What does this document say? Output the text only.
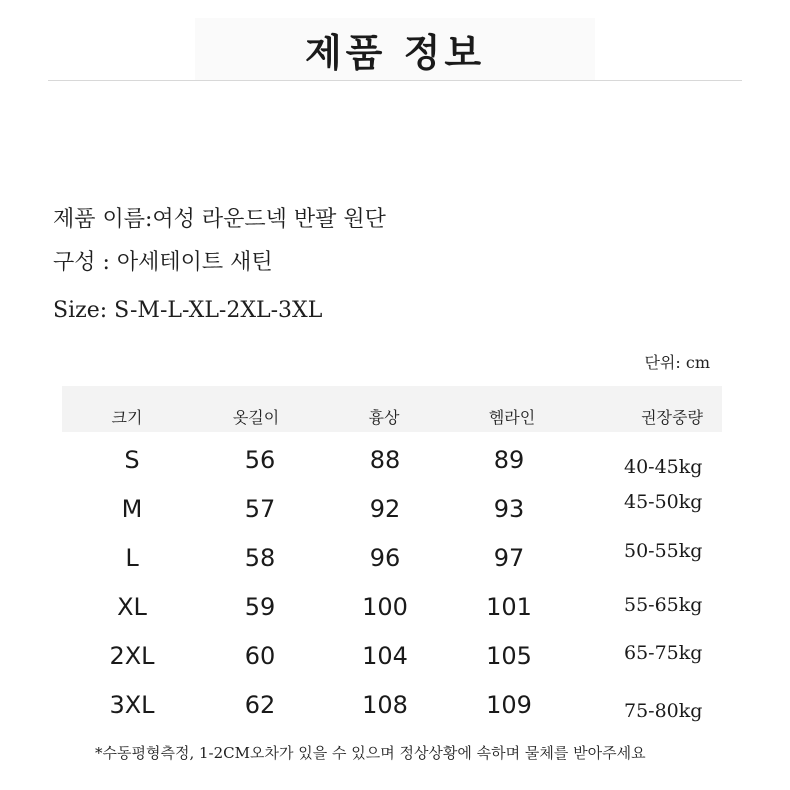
제품 정보
제품 이름:여성 라운드넥 반팔 원단
구성 : 아세테이트 새틴
Size: S-M-L-XL-2XL-3XL
단위: cm
크기	옷길이	흉상	헴라인	권장중량
S	56	88	89	40-45kg
M	57	92	93	45-50kg
L	58	96	97	50-55kg
XL	59	100	101	55-65kg
2XL	60	104	105	65-75kg
3XL	62	108	109	75-80kg
*수동평형측정, 1-2CM오차가 있을 수 있으며 정상상황에 속하며 물체를 받아주세요
